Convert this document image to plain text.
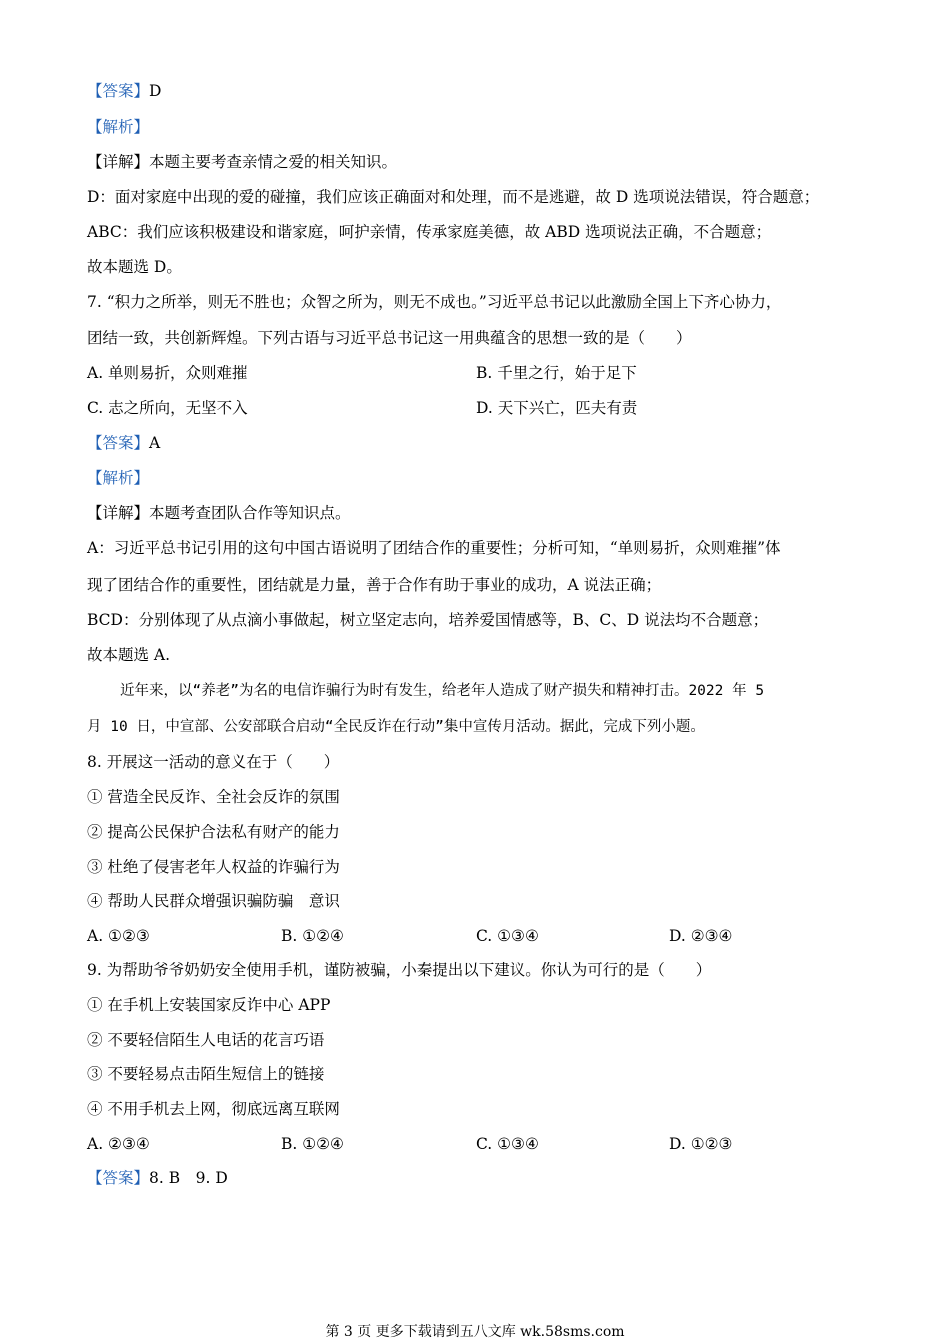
【答案】D
【解析】
【详解】本题主要考查亲情之爱的相关知识。
D：面对家庭中出现的爱的碰撞，我们应该正确面对和处理，而不是逃避，故 D 选项说法错误，符合题意；
ABC：我们应该积极建设和谐家庭，呵护亲情，传承家庭美德，故 ABD 选项说法正确，不合题意；
故本题选 D。
7. “积力之所举，则无不胜也；众智之所为，则无不成也。”习近平总书记以此激励全国上下齐心协力，
团结一致，共创新辉煌。下列古语与习近平总书记这一用典蕴含的思想一致的是（　　）
A. 单则易折，众则难摧	B. 千里之行，始于足下
C. 志之所向，无坚不入	D. 天下兴亡，匹夫有责
【答案】A
【解析】
【详解】本题考查团队合作等知识点。
A：习近平总书记引用的这句中国古语说明了团结合作的重要性；分析可知，“单则易折，众则难摧”体
现了团结合作的重要性，团结就是力量，善于合作有助于事业的成功，A 说法正确；
BCD：分别体现了从点滴小事做起，树立坚定志向，培养爱国情感等，B、C、D 说法均不合题意；
故本题选 A.
近年来，以“养老”为名的电信诈骗行为时有发生，给老年人造成了财产损失和精神打击。2022 年 5
月 10 日，中宣部、公安部联合启动“全民反诈在行动”集中宣传月活动。据此，完成下列小题。
8. 开展这一活动的意义在于（　　）
① 营造全民反诈、全社会反诈的氛围
② 提高公民保护合法私有财产的能力
③ 杜绝了侵害老年人权益的诈骗行为
④ 帮助人民群众增强识骗防骗　意识
A. ①②③	B. ①②④	C. ①③④	D. ②③④
9. 为帮助爷爷奶奶安全使用手机，谨防被骗，小秦提出以下建议。你认为可行的是（　　）
① 在手机上安装国家反诈中心 APP
② 不要轻信陌生人电话的花言巧语
③ 不要轻易点击陌生短信上的链接
④ 不用手机去上网，彻底远离互联网
A. ②③④	B. ①②④	C. ①③④	D. ①②③
【答案】8. B　9. D
第 3 页 更多下载请到五八文库 wk.58sms.com
